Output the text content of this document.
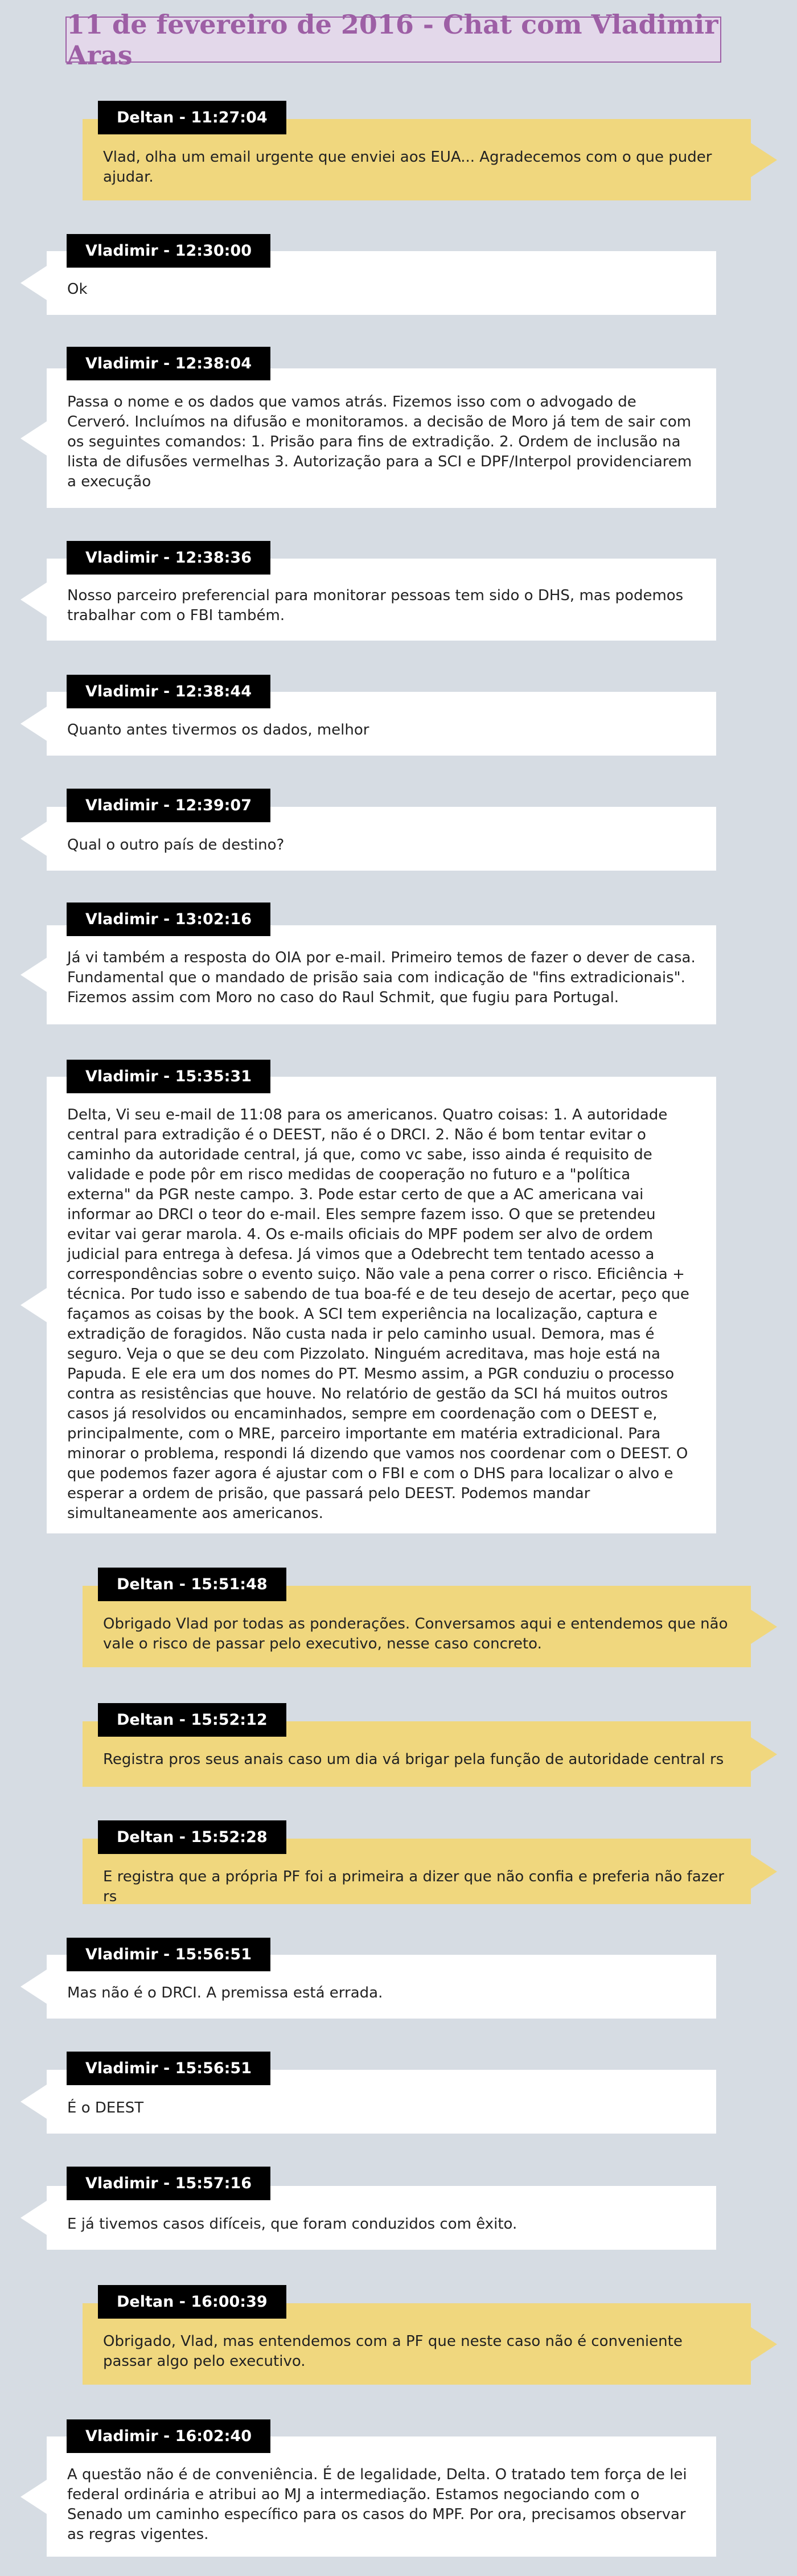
11 de fevereiro de 2016 - Chat com Vladimir Aras
Vlad, olha um email urgente que enviei aos EUA... Agradecemos com o que puder ajudar.
Deltan - 11:27:04
Ok
Vladimir - 12:30:00
Passa o nome e os dados que vamos atrás. Fizemos isso com o advogado de Cerveró. Incluímos na difusão e monitoramos. a decisão de Moro já tem de sair com os seguintes comandos: 1. Prisão para fins de extradição. 2. Ordem de inclusão na lista de difusões vermelhas 3. Autorização para a SCI e DPF/Interpol providenciarem a execução
Vladimir - 12:38:04
Nosso parceiro preferencial para monitorar pessoas tem sido o DHS, mas podemos trabalhar com o FBI também.
Vladimir - 12:38:36
Quanto antes tivermos os dados, melhor
Vladimir - 12:38:44
Qual o outro país de destino?
Vladimir - 12:39:07
Já vi também a resposta do OIA por e-mail. Primeiro temos de fazer o dever de casa. Fundamental que o mandado de prisão saia com indicação de "fins extradicionais". Fizemos assim com Moro no caso do Raul Schmit, que fugiu para Portugal.
Vladimir - 13:02:16
Delta, Vi seu e-mail de 11:08 para os americanos. Quatro coisas: 1. A autoridade central para extradição é o DEEST, não é o DRCI. 2. Não é bom tentar evitar o caminho da autoridade central, já que, como vc sabe, isso ainda é requisito de validade e pode pôr em risco medidas de cooperação no futuro e a "política externa" da PGR neste campo. 3. Pode estar certo de que a AC americana vai informar ao DRCI o teor do e-mail. Eles sempre fazem isso. O que se pretendeu evitar vai gerar marola. 4. Os e-mails oficiais do MPF podem ser alvo de ordem judicial para entrega à defesa. Já vimos que a Odebrecht tem tentado acesso a correspondências sobre o evento suiço. Não vale a pena correr o risco. Eficiência + técnica. Por tudo isso e sabendo de tua boa-fé e de teu desejo de acertar, peço que façamos as coisas by the book. A SCI tem experiência na localização, captura e extradição de foragidos. Não custa nada ir pelo caminho usual. Demora, mas é seguro. Veja o que se deu com Pizzolato. Ninguém acreditava, mas hoje está na Papuda. E ele era um dos nomes do PT. Mesmo assim, a PGR conduziu o processo contra as resistências que houve. No relatório de gestão da SCI há muitos outros casos já resolvidos ou encaminhados, sempre em coordenação com o DEEST e, principalmente, com o MRE, parceiro importante em matéria extradicional. Para minorar o problema, respondi lá dizendo que vamos nos coordenar com o DEEST. O que podemos fazer agora é ajustar com o FBI e com o DHS para localizar o alvo e esperar a ordem de prisão, que passará pelo DEEST. Podemos mandar simultaneamente aos americanos.
Vladimir - 15:35:31
Obrigado Vlad por todas as ponderações. Conversamos aqui e entendemos que não vale o risco de passar pelo executivo, nesse caso concreto.
Deltan - 15:51:48
Registra pros seus anais caso um dia vá brigar pela função de autoridade central rs
Deltan - 15:52:12
E registra que a própria PF foi a primeira a dizer que não confia e preferia não fazer rs
Deltan - 15:52:28
Mas não é o DRCI. A premissa está errada.
Vladimir - 15:56:51
É o DEEST
Vladimir - 15:56:51
E já tivemos casos difíceis, que foram conduzidos com êxito.
Vladimir - 15:57:16
Obrigado, Vlad, mas entendemos com a PF que neste caso não é conveniente passar algo pelo executivo.
Deltan - 16:00:39
A questão não é de conveniência. É de legalidade, Delta. O tratado tem força de lei federal ordinária e atribui ao MJ a intermediação. Estamos negociando com o Senado um caminho específico para os casos do MPF. Por ora, precisamos observar as regras vigentes.
Vladimir - 16:02:40
